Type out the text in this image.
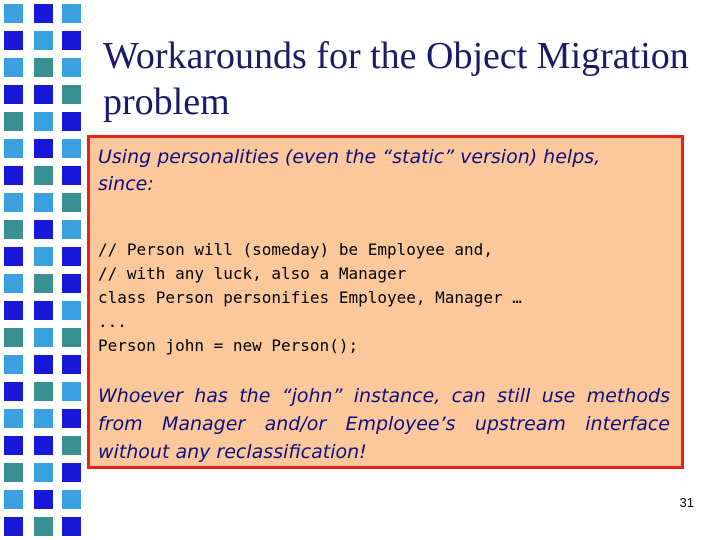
Workarounds for the Object Migration problem

Using personalities (even the “static” version) helps, since:

// Person will (someday) be Employee and,
// with any luck, also a Manager
class Person personifies Employee, Manager …
...
Person john = new Person();

Whoever has the “john” instance, can still use methods from Manager and/or Employee’s upstream interface without any reclassification!

31
